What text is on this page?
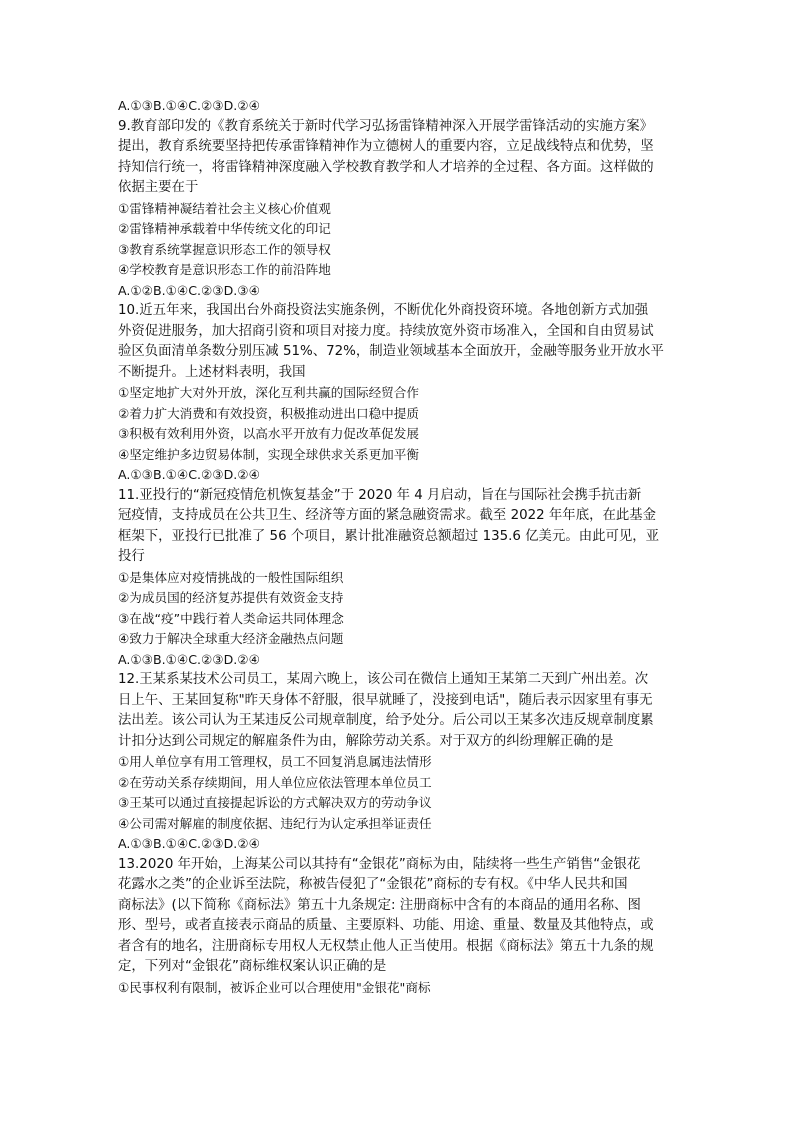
A.①③B.①④C.②③D.②④

9.教育部印发的《教育系统关于新时代学习弘扬雷锋精神深入开展学雷锋活动的实施方案》

提出，教育系统要坚持把传承雷锋精神作为立德树人的重要内容，立足战线特点和优势，坚

持知信行统一，将雷锋精神深度融入学校教育教学和人才培养的全过程、各方面。这样做的

依据主要在于

①雷锋精神凝结着社会主义核心价值观

②雷锋精神承载着中华传统文化的印记

③教育系统掌握意识形态工作的领导权

④学校教育是意识形态工作的前沿阵地

A.①②B.①④C.②③D.③④

10.近五年来，我国出台外商投资法实施条例，不断优化外商投资环境。各地创新方式加强

外资促进服务，加大招商引资和项目对接力度。持续放宽外资市场准入，全国和自由贸易试

验区负面清单条数分别压减 51%、72%，制造业领域基本全面放开，金融等服务业开放水平

不断提升。上述材料表明，我国

①坚定地扩大对外开放，深化互利共赢的国际经贸合作

②着力扩大消费和有效投资，积极推动进出口稳中提质

③积极有效利用外资，以高水平开放有力促改革促发展

④坚定维护多边贸易体制，实现全球供求关系更加平衡

A.①③B.①④C.②③D.②④

11.亚投行的“新冠疫情危机恢复基金”于 2020 年 4 月启动，旨在与国际社会携手抗击新

冠疫情，支持成员在公共卫生、经济等方面的紧急融资需求。截至 2022 年年底，在此基金

框架下，亚投行已批准了 56 个项目，累计批准融资总额超过 135.6 亿美元。由此可见，亚

投行

①是集体应对疫情挑战的一般性国际组织

②为成员国的经济复苏提供有效资金支持

③在战“疫”中践行着人类命运共同体理念

④致力于解决全球重大经济金融热点问题

A.①③B.①④C.②③D.②④

12.王某系某技术公司员工，某周六晚上，该公司在微信上通知王某第二天到广州出差。次

日上午、王某回复称"昨天身体不舒服，很早就睡了，没接到电话"，随后表示因家里有事无

法出差。该公司认为王某违反公司规章制度，给予处分。后公司以王某多次违反规章制度累

计扣分达到公司规定的解雇条件为由，解除劳动关系。对于双方的纠纷理解正确的是

①用人单位享有用工管理权，员工不回复消息属违法情形

②在劳动关系存续期间，用人单位应依法管理本单位员工

③王某可以通过直接提起诉讼的方式解决双方的劳动争议

④公司需对解雇的制度依据、违纪行为认定承担举证责任

A.①③B.①④C.②③D.②④

13.2020 年开始，上海某公司以其持有“金银花”商标为由，陆续将一些生产销售“金银花

花露水之类”的企业诉至法院，称被告侵犯了“金银花”商标的专有权。《中华人民共和国

商标法》(以下简称《商标法》第五十九条规定: 注册商标中含有的本商品的通用名称、图

形、型号，或者直接表示商品的质量、主要原料、功能、用途、重量、数量及其他特点，或

者含有的地名，注册商标专用权人无权禁止他人正当使用。根据《商标法》第五十九条的规

定，下列对“金银花”商标维权案认识正确的是

①民事权利有限制，被诉企业可以合理使用"金银花"商标
